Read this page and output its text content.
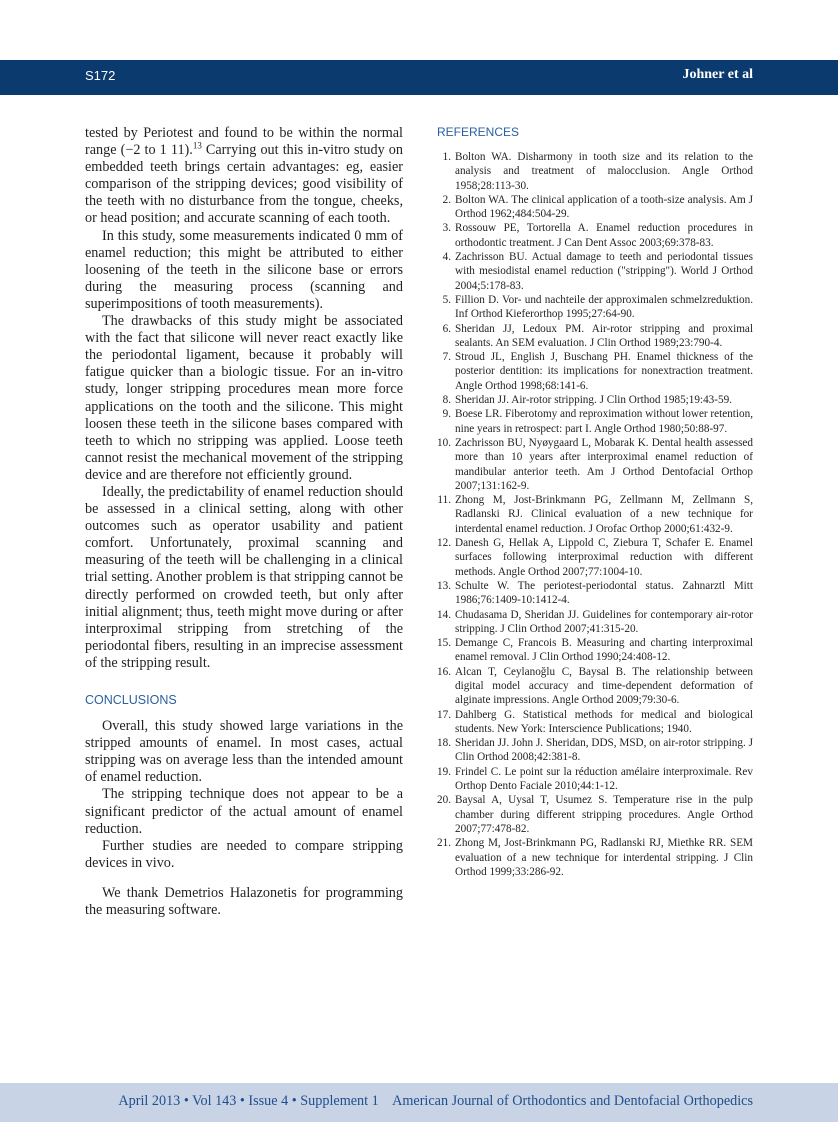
S172	Johner et al

tested by Periotest and found to be within the normal range (−2 to 1 11).$^{13}$ Carrying out this in-vitro study on embedded teeth brings certain advantages: eg, easier comparison of the stripping devices; good visibility of the teeth with no disturbance from the tongue, cheeks, or head position; and accurate scanning of each tooth.

In this study, some measurements indicated 0 mm of enamel reduction; this might be attributed to either loosening of the teeth in the silicone base or errors during the measuring process (scanning and superimpositions of tooth measurements).

The drawbacks of this study might be associated with the fact that silicone will never react exactly like the periodontal ligament, because it probably will fatigue quicker than a biologic tissue. For an in-vitro study, longer stripping procedures mean more force applications on the tooth and the silicone. This might loosen these teeth in the silicone bases compared with teeth to which no stripping was applied. Loose teeth cannot resist the mechanical movement of the stripping device and are therefore not efficiently ground.

Ideally, the predictability of enamel reduction should be assessed in a clinical setting, along with other outcomes such as operator usability and patient comfort. Unfortunately, proximal scanning and measuring of the teeth will be challenging in a clinical trial setting. Another problem is that stripping cannot be directly performed on crowded teeth, but only after initial alignment; thus, teeth might move during or after interproximal stripping from stretching of the periodontal fibers, resulting in an imprecise assessment of the stripping result.

CONCLUSIONS

Overall, this study showed large variations in the stripped amounts of enamel. In most cases, actual stripping was on average less than the intended amount of enamel reduction.

The stripping technique does not appear to be a significant predictor of the actual amount of enamel reduction.

Further studies are needed to compare stripping devices in vivo.

We thank Demetrios Halazonetis for programming the measuring software.

REFERENCES
1. Bolton WA. Disharmony in tooth size and its relation to the analysis and treatment of malocclusion. Angle Orthod 1958;28:113-30.
2. Bolton WA. The clinical application of a tooth-size analysis. Am J Orthod 1962;484:504-29.
3. Rossouw PE, Tortorella A. Enamel reduction procedures in orthodontic treatment. J Can Dent Assoc 2003;69:378-83.
4. Zachrisson BU. Actual damage to teeth and periodontal tissues with mesiodistal enamel reduction ("stripping"). World J Orthod 2004;5:178-83.
5. Fillion D. Vor- und nachteile der approximalen schmelzreduktion. Inf Orthod Kieferorthop 1995;27:64-90.
6. Sheridan JJ, Ledoux PM. Air-rotor stripping and proximal sealants. An SEM evaluation. J Clin Orthod 1989;23:790-4.
7. Stroud JL, English J, Buschang PH. Enamel thickness of the posterior dentition: its implications for nonextraction treatment. Angle Orthod 1998;68:141-6.
8. Sheridan JJ. Air-rotor stripping. J Clin Orthod 1985;19:43-59.
9. Boese LR. Fiberotomy and reproximation without lower retention, nine years in retrospect: part I. Angle Orthod 1980;50:88-97.
10. Zachrisson BU, Nyøygaard L, Mobarak K. Dental health assessed more than 10 years after interproximal enamel reduction of mandibular anterior teeth. Am J Orthod Dentofacial Orthop 2007;131:162-9.
11. Zhong M, Jost-Brinkmann PG, Zellmann M, Zellmann S, Radlanski RJ. Clinical evaluation of a new technique for interdental enamel reduction. J Orofac Orthop 2000;61:432-9.
12. Danesh G, Hellak A, Lippold C, Ziebura T, Schafer E. Enamel surfaces following interproximal reduction with different methods. Angle Orthod 2007;77:1004-10.
13. Schulte W. The periotest-periodontal status. Zahnarztl Mitt 1986;76:1409-10:1412-4.
14. Chudasama D, Sheridan JJ. Guidelines for contemporary air-rotor stripping. J Clin Orthod 2007;41:315-20.
15. Demange C, Francois B. Measuring and charting interproximal enamel removal. J Clin Orthod 1990;24:408-12.
16. Alcan T, Ceylanoğlu C, Baysal B. The relationship between digital model accuracy and time-dependent deformation of alginate impressions. Angle Orthod 2009;79:30-6.
17. Dahlberg G. Statistical methods for medical and biological students. New York: Interscience Publications; 1940.
18. Sheridan JJ. John J. Sheridan, DDS, MSD, on air-rotor stripping. J Clin Orthod 2008;42:381-8.
19. Frindel C. Le point sur la réduction amélaire interproximale. Rev Orthop Dento Faciale 2010;44:1-12.
20. Baysal A, Uysal T, Usumez S. Temperature rise in the pulp chamber during different stripping procedures. Angle Orthod 2007;77:478-82.
21. Zhong M, Jost-Brinkmann PG, Radlanski RJ, Miethke RR. SEM evaluation of a new technique for interdental stripping. J Clin Orthod 1999;33:286-92.
April 2013 • Vol 143 • Issue 4 • Supplement 1 American Journal of Orthodontics and Dentofacial Orthopedics
